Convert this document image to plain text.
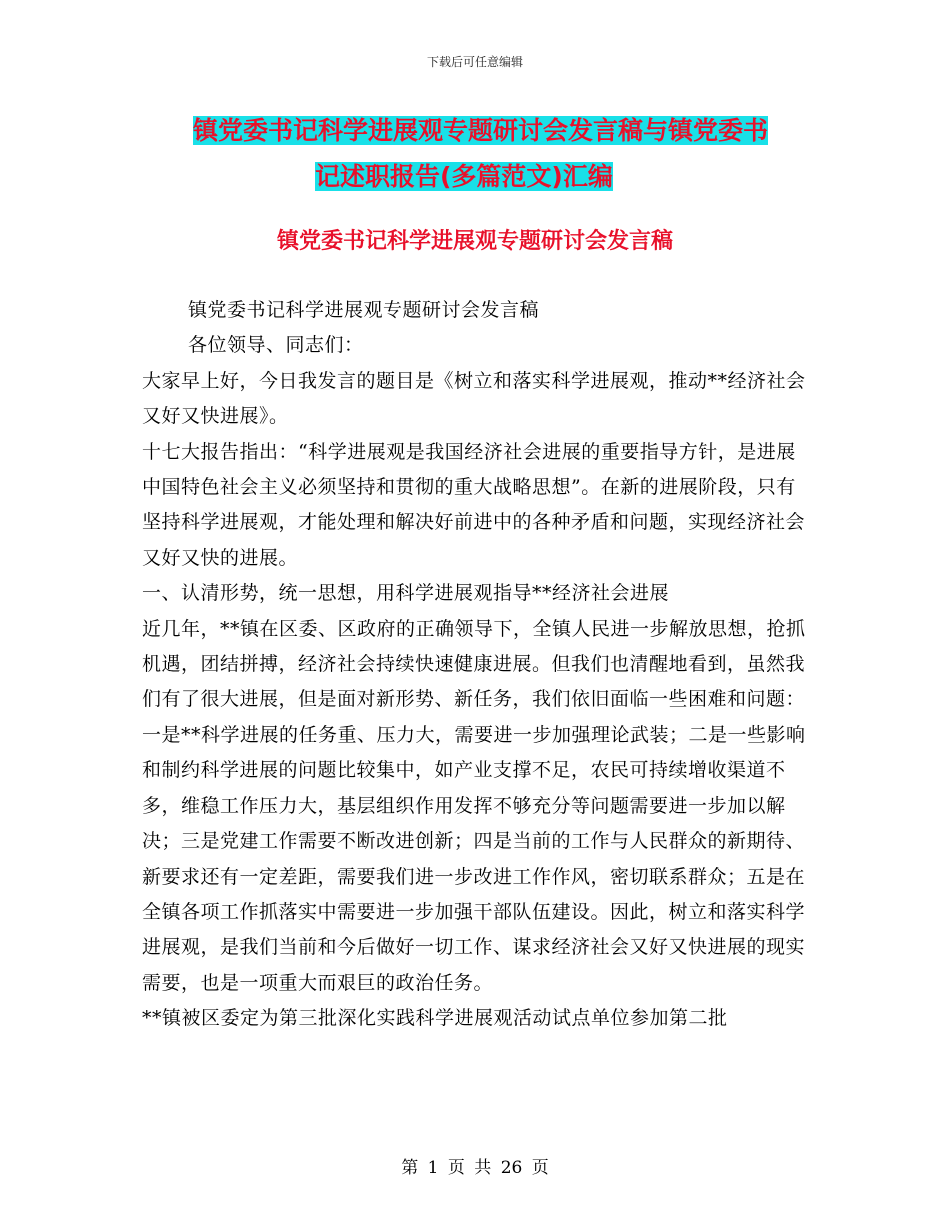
下载后可任意编辑
镇党委书记科学进展观专题研讨会发言稿与镇党委书
记述职报告(多篇范文)汇编
镇党委书记科学进展观专题研讨会发言稿

镇党委书记科学进展观专题研讨会发言稿

各位领导、同志们：

大家早上好，今日我发言的题目是《树立和落实科学进展观，推动**经济社会又好又快进展》。

十七大报告指出：“科学进展观是我国经济社会进展的重要指导方针，是进展中国特色社会主义必须坚持和贯彻的重大战略思想”。在新的进展阶段，只有坚持科学进展观，才能处理和解决好前进中的各种矛盾和问题，实现经济社会又好又快的进展。

一、认清形势，统一思想，用科学进展观指导**经济社会进展

近几年，**镇在区委、区政府的正确领导下，全镇人民进一步解放思想，抢抓机遇，团结拼搏，经济社会持续快速健康进展。但我们也清醒地看到，虽然我们有了很大进展，但是面对新形势、新任务，我们依旧面临一些困难和问题：一是**科学进展的任务重、压力大，需要进一步加强理论武装；二是一些影响和制约科学进展的问题比较集中，如产业支撑不足，农民可持续增收渠道不多，维稳工作压力大，基层组织作用发挥不够充分等问题需要进一步加以解决；三是党建工作需要不断改进创新；四是当前的工作与人民群众的新期待、新要求还有一定差距，需要我们进一步改进工作作风，密切联系群众；五是在全镇各项工作抓落实中需要进一步加强干部队伍建设。因此，树立和落实科学进展观，是我们当前和今后做好一切工作、谋求经济社会又好又快进展的现实需要，也是一项重大而艰巨的政治任务。

**镇被区委定为第三批深化实践科学进展观活动试点单位参加第二批

第 1 页 共 26 页
